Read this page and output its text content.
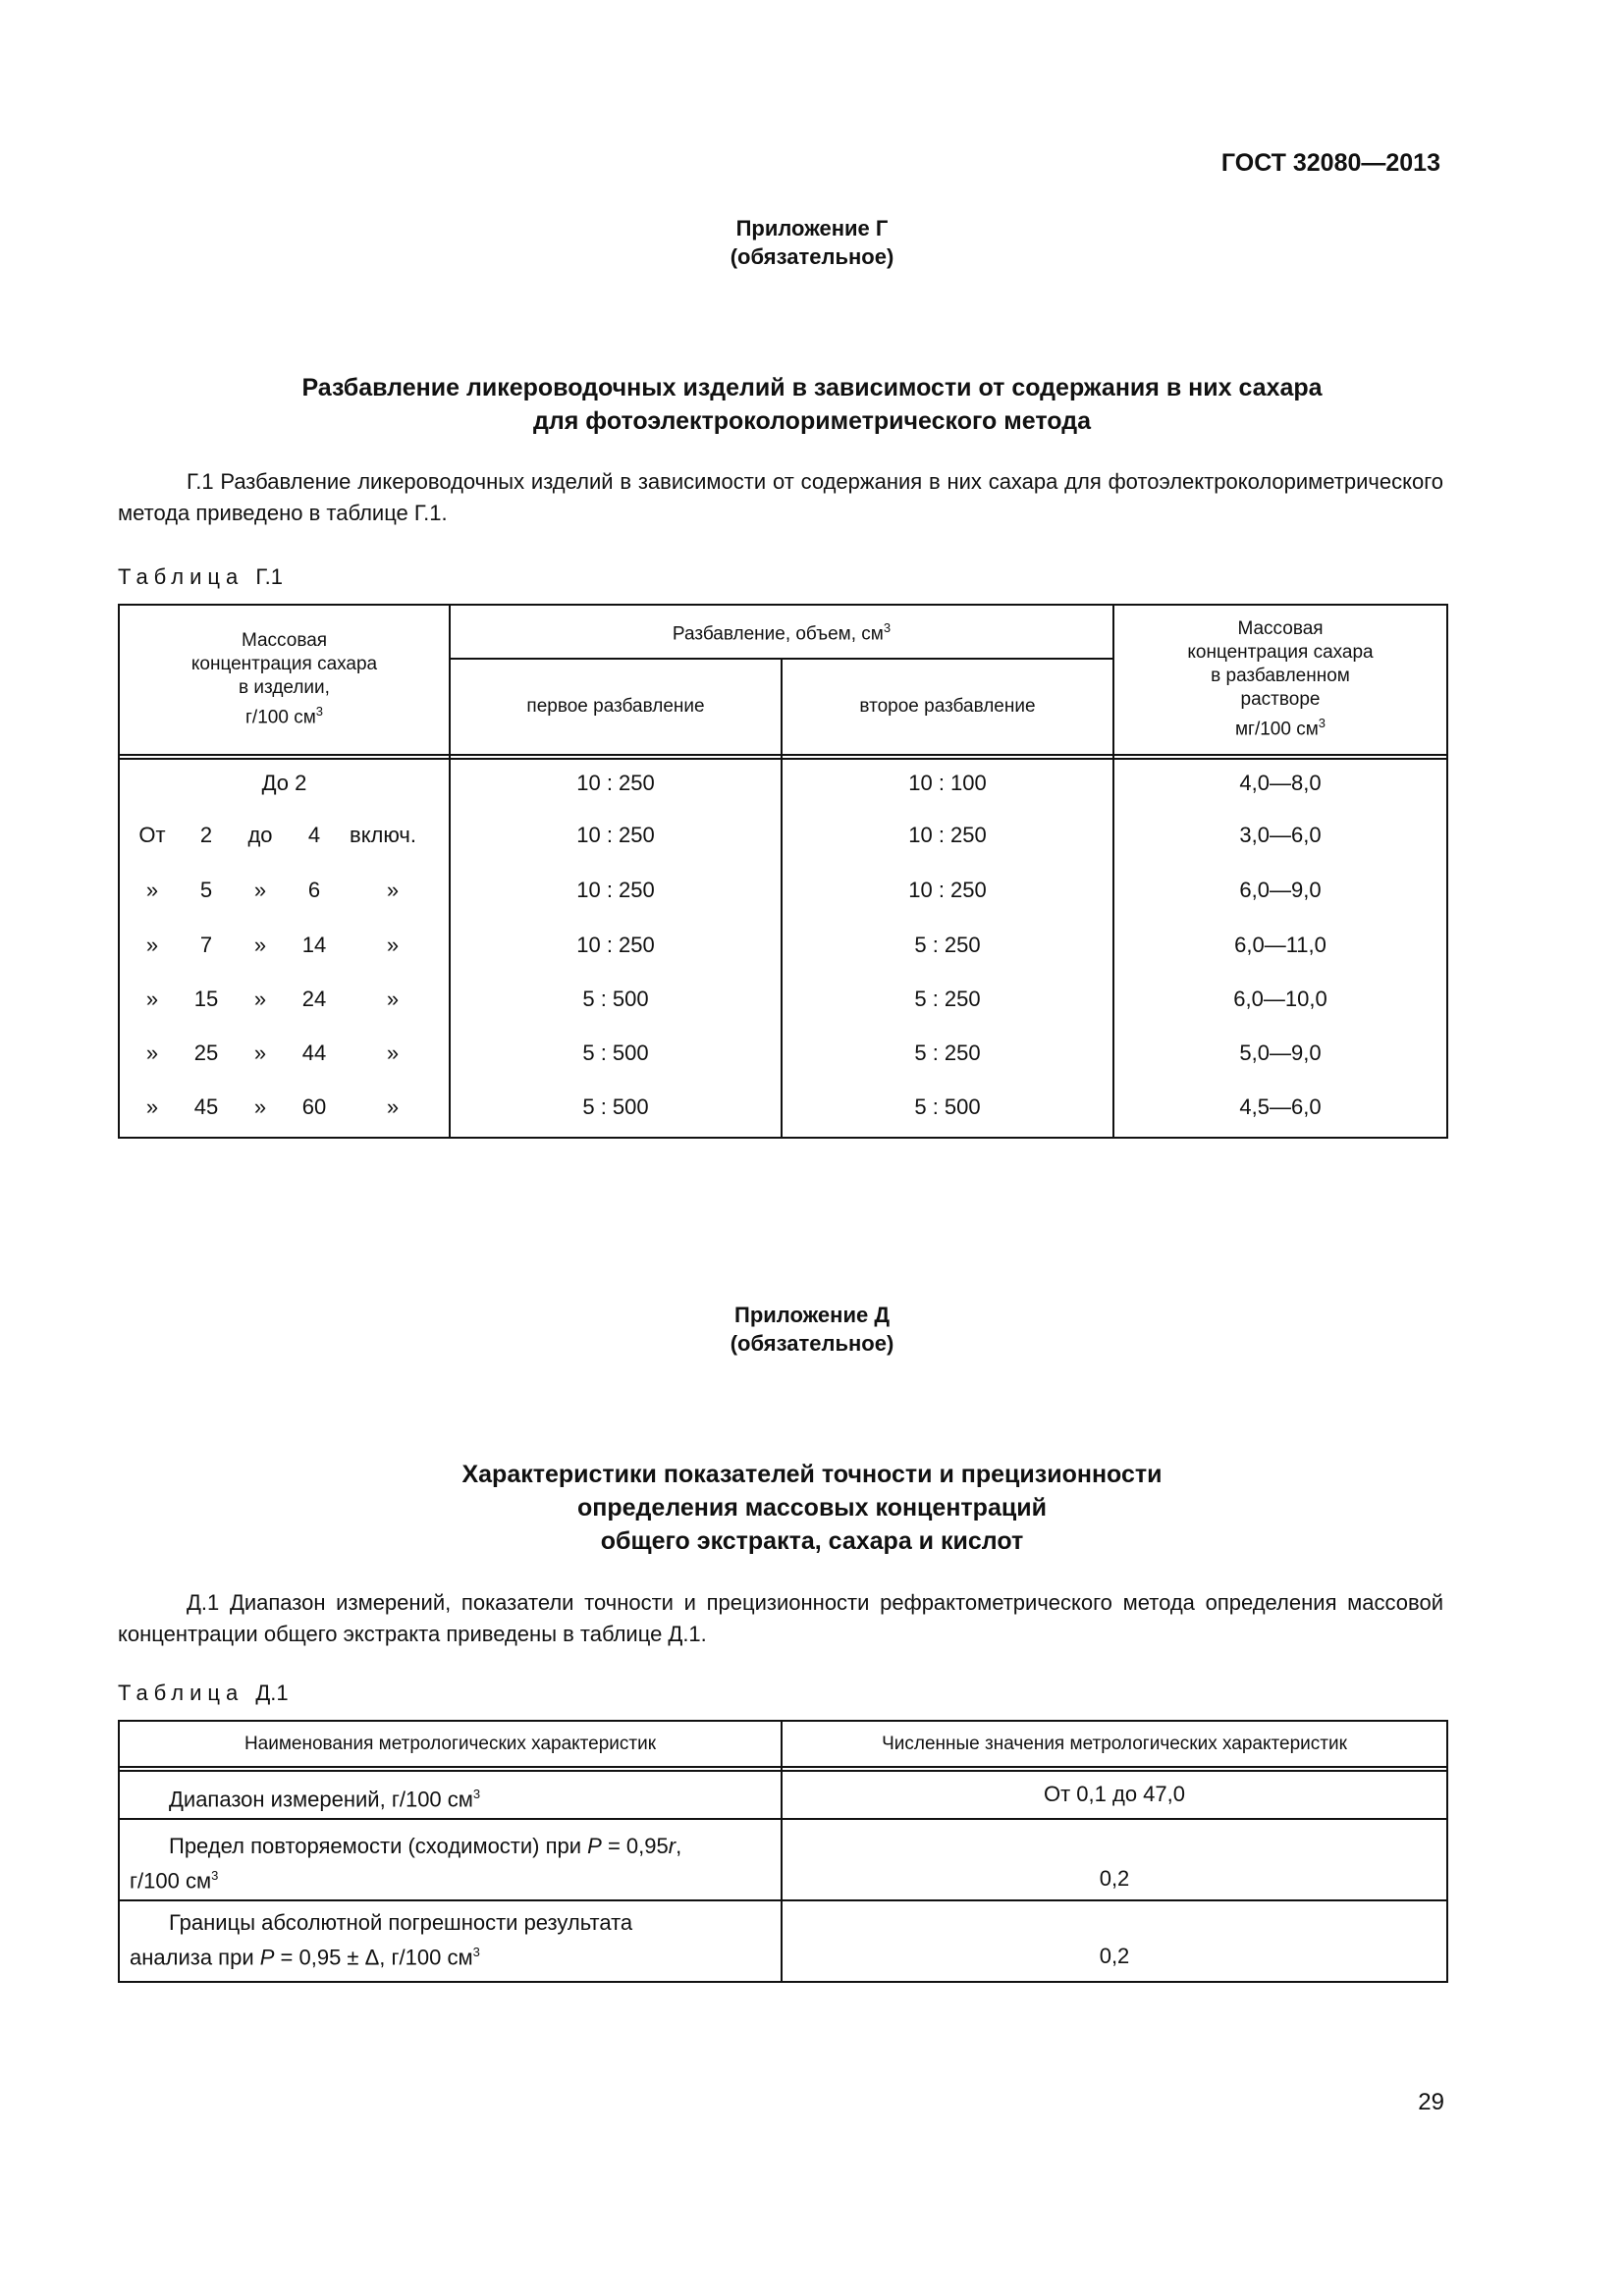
ГОСТ 32080—2013
Приложение Г
(обязательное)
Разбавление ликероводочных изделий в зависимости от содержания в них сахара
для фотоэлектроколориметрического метода
Г.1 Разбавление ликероводочных изделий в зависимости от содержания в них сахара для фотоэлектроколориметрического метода приведено в таблице Г.1.
Таблица Г.1
Массовая
концентрация сахара
в изделии,
г/100 $см^3$
Разбавление, объем, $см^3$
первое разбавление	второе разбавление
Массовая
концентрация сахара
в разбавленном
растворе
мг/100 $см^3$
До 2	10 : 250	10 : 100	4,0—8,0
От	2	до	4	включ.	10 : 250	10 : 250	3,0—6,0
»	5	»	6	»	10 : 250	10 : 250	6,0—9,0
»	7	»	14	»	10 : 250	5 : 250	6,0—11,0
»	15	»	24	»	5 : 500	5 : 250	6,0—10,0
»	25	»	44	»	5 : 500	5 : 250	5,0—9,0
»	45	»	60	»	5 : 500	5 : 500	4,5—6,0
Приложение Д
(обязательное)
Характеристики показателей точности и прецизионности
определения массовых концентраций
общего экстракта, сахара и кислот
Д.1 Диапазон измерений, показатели точности и прецизионности рефрактометрического метода определения массовой концентрации общего экстракта приведены в таблице Д.1.
Таблица Д.1
Наименования метрологических характеристик	Численные значения метрологических характеристик
Диапазон измерений, г/100 $см^3$	От 0,1 до 47,0
Предел повторяемости (сходимости) при P = 0,95r,
г/100 $см^3$	0,2
Границы абсолютной погрешности результата
анализа при P = 0,95 ± Δ, г/100 $см^3$	0,2
29
